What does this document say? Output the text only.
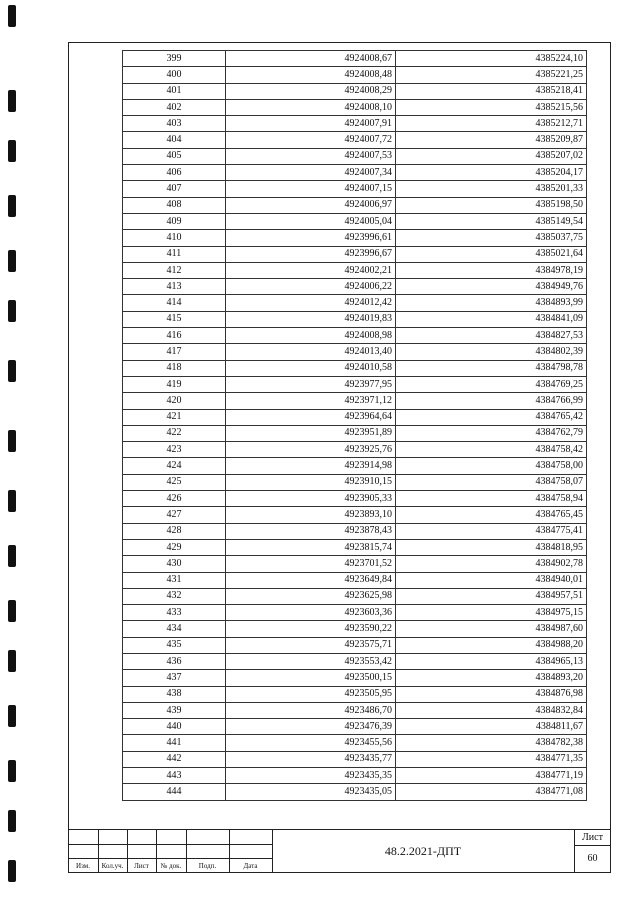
399	4924008,67	4385224,10
400	4924008,48	4385221,25
401	4924008,29	4385218,41
402	4924008,10	4385215,56
403	4924007,91	4385212,71
404	4924007,72	4385209,87
405	4924007,53	4385207,02
406	4924007,34	4385204,17
407	4924007,15	4385201,33
408	4924006,97	4385198,50
409	4924005,04	4385149,54
410	4923996,61	4385037,75
411	4923996,67	4385021,64
412	4924002,21	4384978,19
413	4924006,22	4384949,76
414	4924012,42	4384893,99
415	4924019,83	4384841,09
416	4924008,98	4384827,53
417	4924013,40	4384802,39
418	4924010,58	4384798,78
419	4923977,95	4384769,25
420	4923971,12	4384766,99
421	4923964,64	4384765,42
422	4923951,89	4384762,79
423	4923925,76	4384758,42
424	4923914,98	4384758,00
425	4923910,15	4384758,07
426	4923905,33	4384758,94
427	4923893,10	4384765,45
428	4923878,43	4384775,41
429	4923815,74	4384818,95
430	4923701,52	4384902,78
431	4923649,84	4384940,01
432	4923625,98	4384957,51
433	4923603,36	4384975,15
434	4923590,22	4384987,60
435	4923575,71	4384988,20
436	4923553,42	4384965,13
437	4923500,15	4384893,20
438	4923505,95	4384876,98
439	4923486,70	4384832,84
440	4923476,39	4384811,67
441	4923455,56	4384782,38
442	4923435,77	4384771,35
443	4923435,35	4384771,19
444	4923435,05	4384771,08
Изм.	Кол.уч.	Лист	№ док.	Подп.	Дата
48.2.2021-ДПТ
Лист
60
